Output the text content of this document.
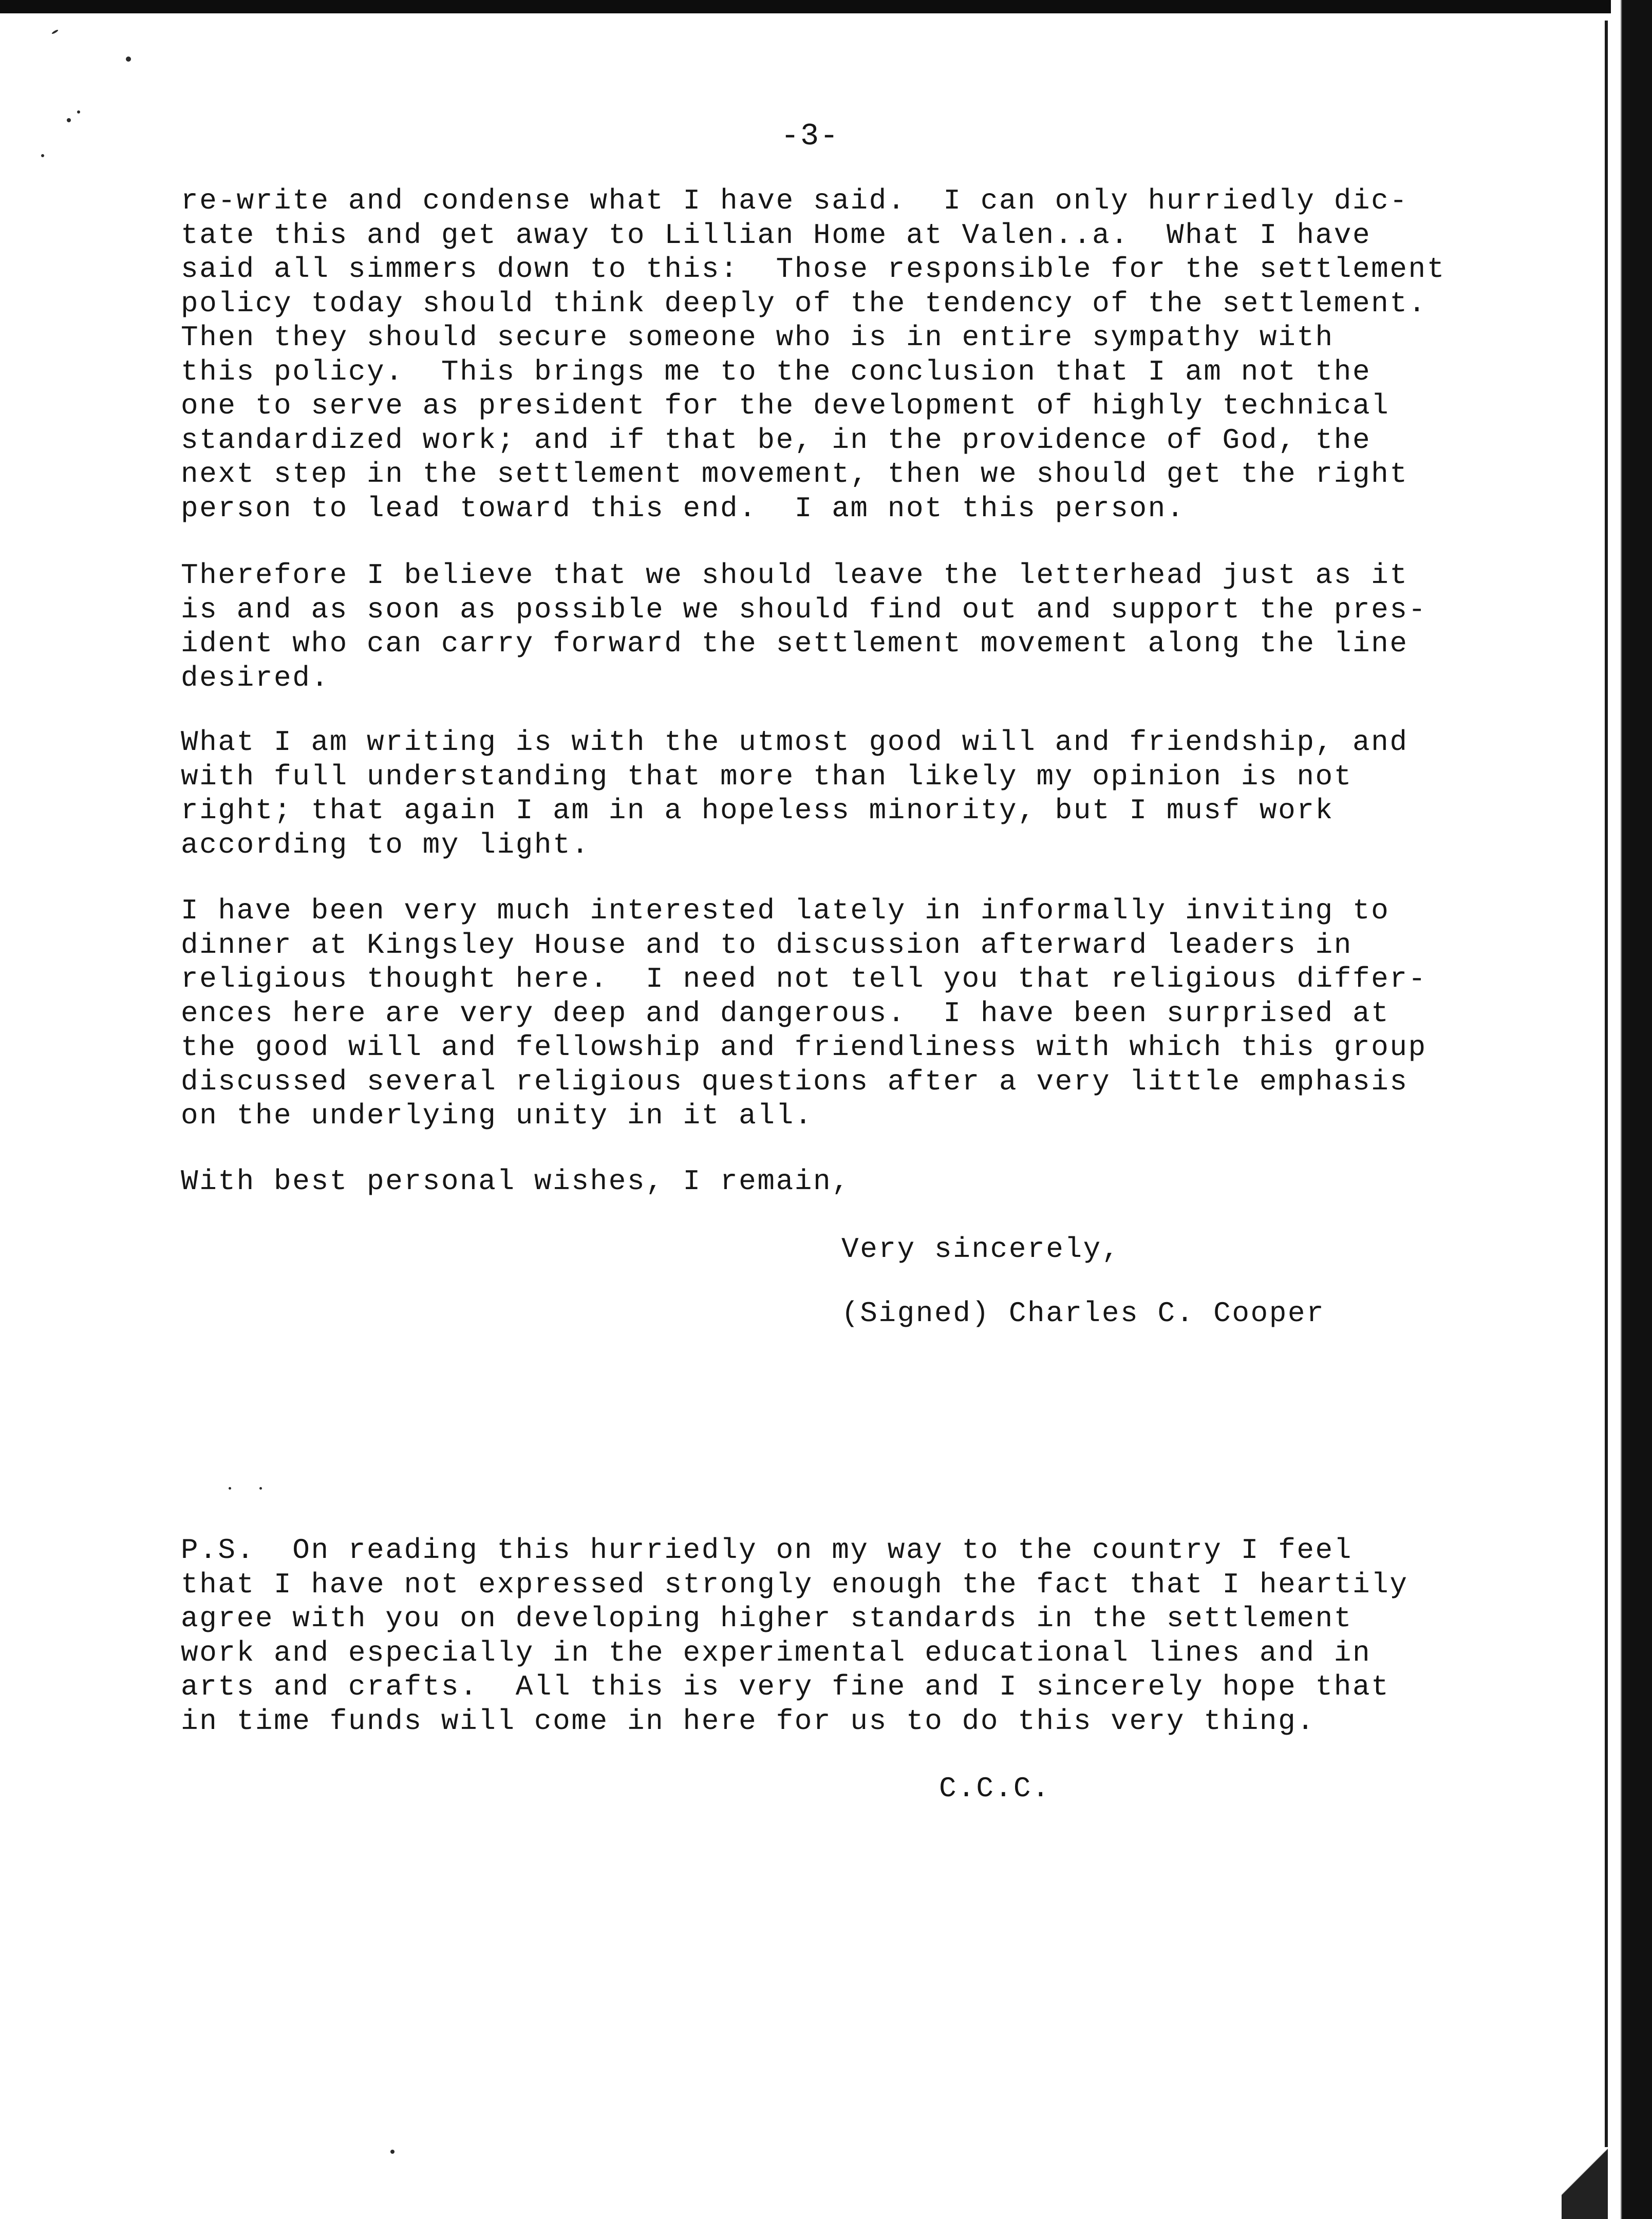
-3-

re-write and condense what I have said.  I can only hurriedly dic-
tate this and get away to Lillian Home at Valen..a.  What I have
said all simmers down to this:  Those responsible for the settlement
policy today should think deeply of the tendency of the settlement.
Then they should secure someone who is in entire sympathy with
this policy.  This brings me to the conclusion that I am not the
one to serve as president for the development of highly technical
standardized work; and if that be, in the providence of God, the
next step in the settlement movement, then we should get the right
person to lead toward this end.  I am not this person.

Therefore I believe that we should leave the letterhead just as it
is and as soon as possible we should find out and support the pres-
ident who can carry forward the settlement movement along the line
desired.

What I am writing is with the utmost good will and friendship, and
with full understanding that more than likely my opinion is not
right; that again I am in a hopeless minority, but I musf work
according to my light.

I have been very much interested lately in informally inviting to
dinner at Kingsley House and to discussion afterward leaders in
religious thought here.  I need not tell you that religious differ-
ences here are very deep and dangerous.  I have been surprised at
the good will and fellowship and friendliness with which this group
discussed several religious questions after a very little emphasis
on the underlying unity in it all.

With best personal wishes, I remain,

Very sincerely,
(Signed) Charles C. Cooper

P.S.  On reading this hurriedly on my way to the country I feel
that I have not expressed strongly enough the fact that I heartily
agree with you on developing higher standards in the settlement
work and especially in the experimental educational lines and in
arts and crafts.  All this is very fine and I sincerely hope that
in time funds will come in here for us to do this very thing.

C.C.C.
